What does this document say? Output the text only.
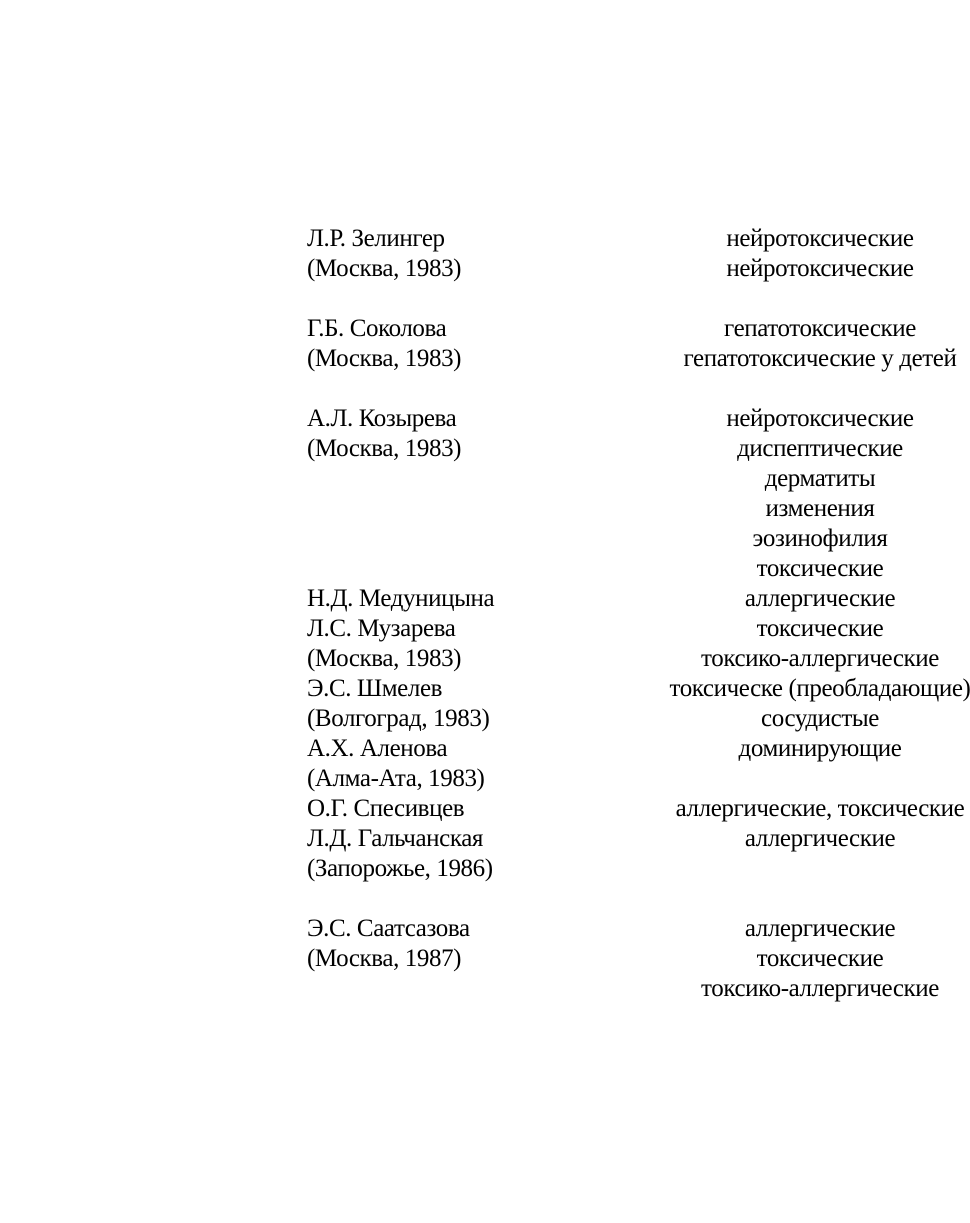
Л.Р. Зелингер
(Москва, 1983)
Г.Б. Соколова
(Москва, 1983)
А.Л. Козырева
(Москва, 1983)
Н.Д. Медуницына
Л.С. Музарева
(Москва, 1983)
Э.С. Шмелев
(Волгоград, 1983)
А.Х. Аленова
(Алма-Ата, 1983)
О.Г. Спесивцев
Л.Д. Гальчанская
(Запорожье, 1986)
Э.С. Саатсазова
(Москва, 1987)
нейротоксические
нейротоксические
гепатотоксические
гепатотоксические у детей
нейротоксические
диспептические
дерматиты
изменения
эозинофилия
токсические
аллергические
токсические
токсико-аллергические
токсическе (преобладающие)
сосудистые
доминирующие
аллергические, токсические
аллергические
аллергические
токсические
токсико-аллергические
